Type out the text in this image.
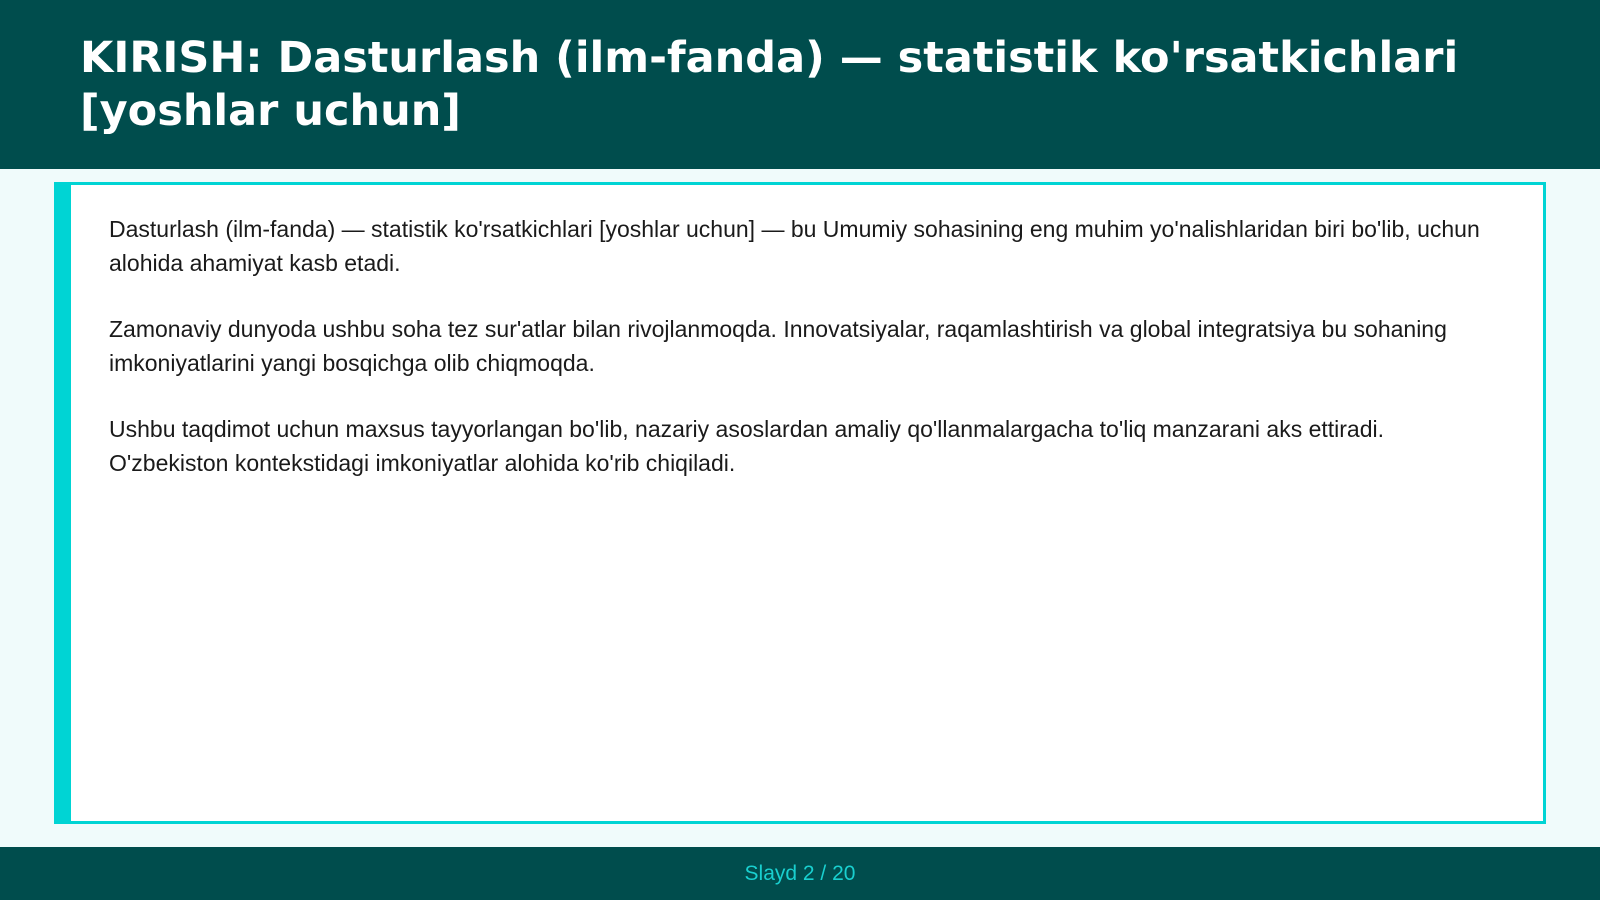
KIRISH: Dasturlash (ilm-fanda) — statistik ko'rsatkichlari [yoshlar uchun]

Dasturlash (ilm-fanda) — statistik ko'rsatkichlari [yoshlar uchun] — bu Umumiy sohasining eng muhim yo'nalishlaridan biri bo'lib, uchun alohida ahamiyat kasb etadi.

Zamonaviy dunyoda ushbu soha tez sur'atlar bilan rivojlanmoqda. Innovatsiyalar, raqamlashtirish va global integratsiya bu sohaning imkoniyatlarini yangi bosqichga olib chiqmoqda.

Ushbu taqdimot uchun maxsus tayyorlangan bo'lib, nazariy asoslardan amaliy qo'llanmalargacha to'liq manzarani aks ettiradi. O'zbekiston kontekstidagi imkoniyatlar alohida ko'rib chiqiladi.

Slayd 2 / 20
